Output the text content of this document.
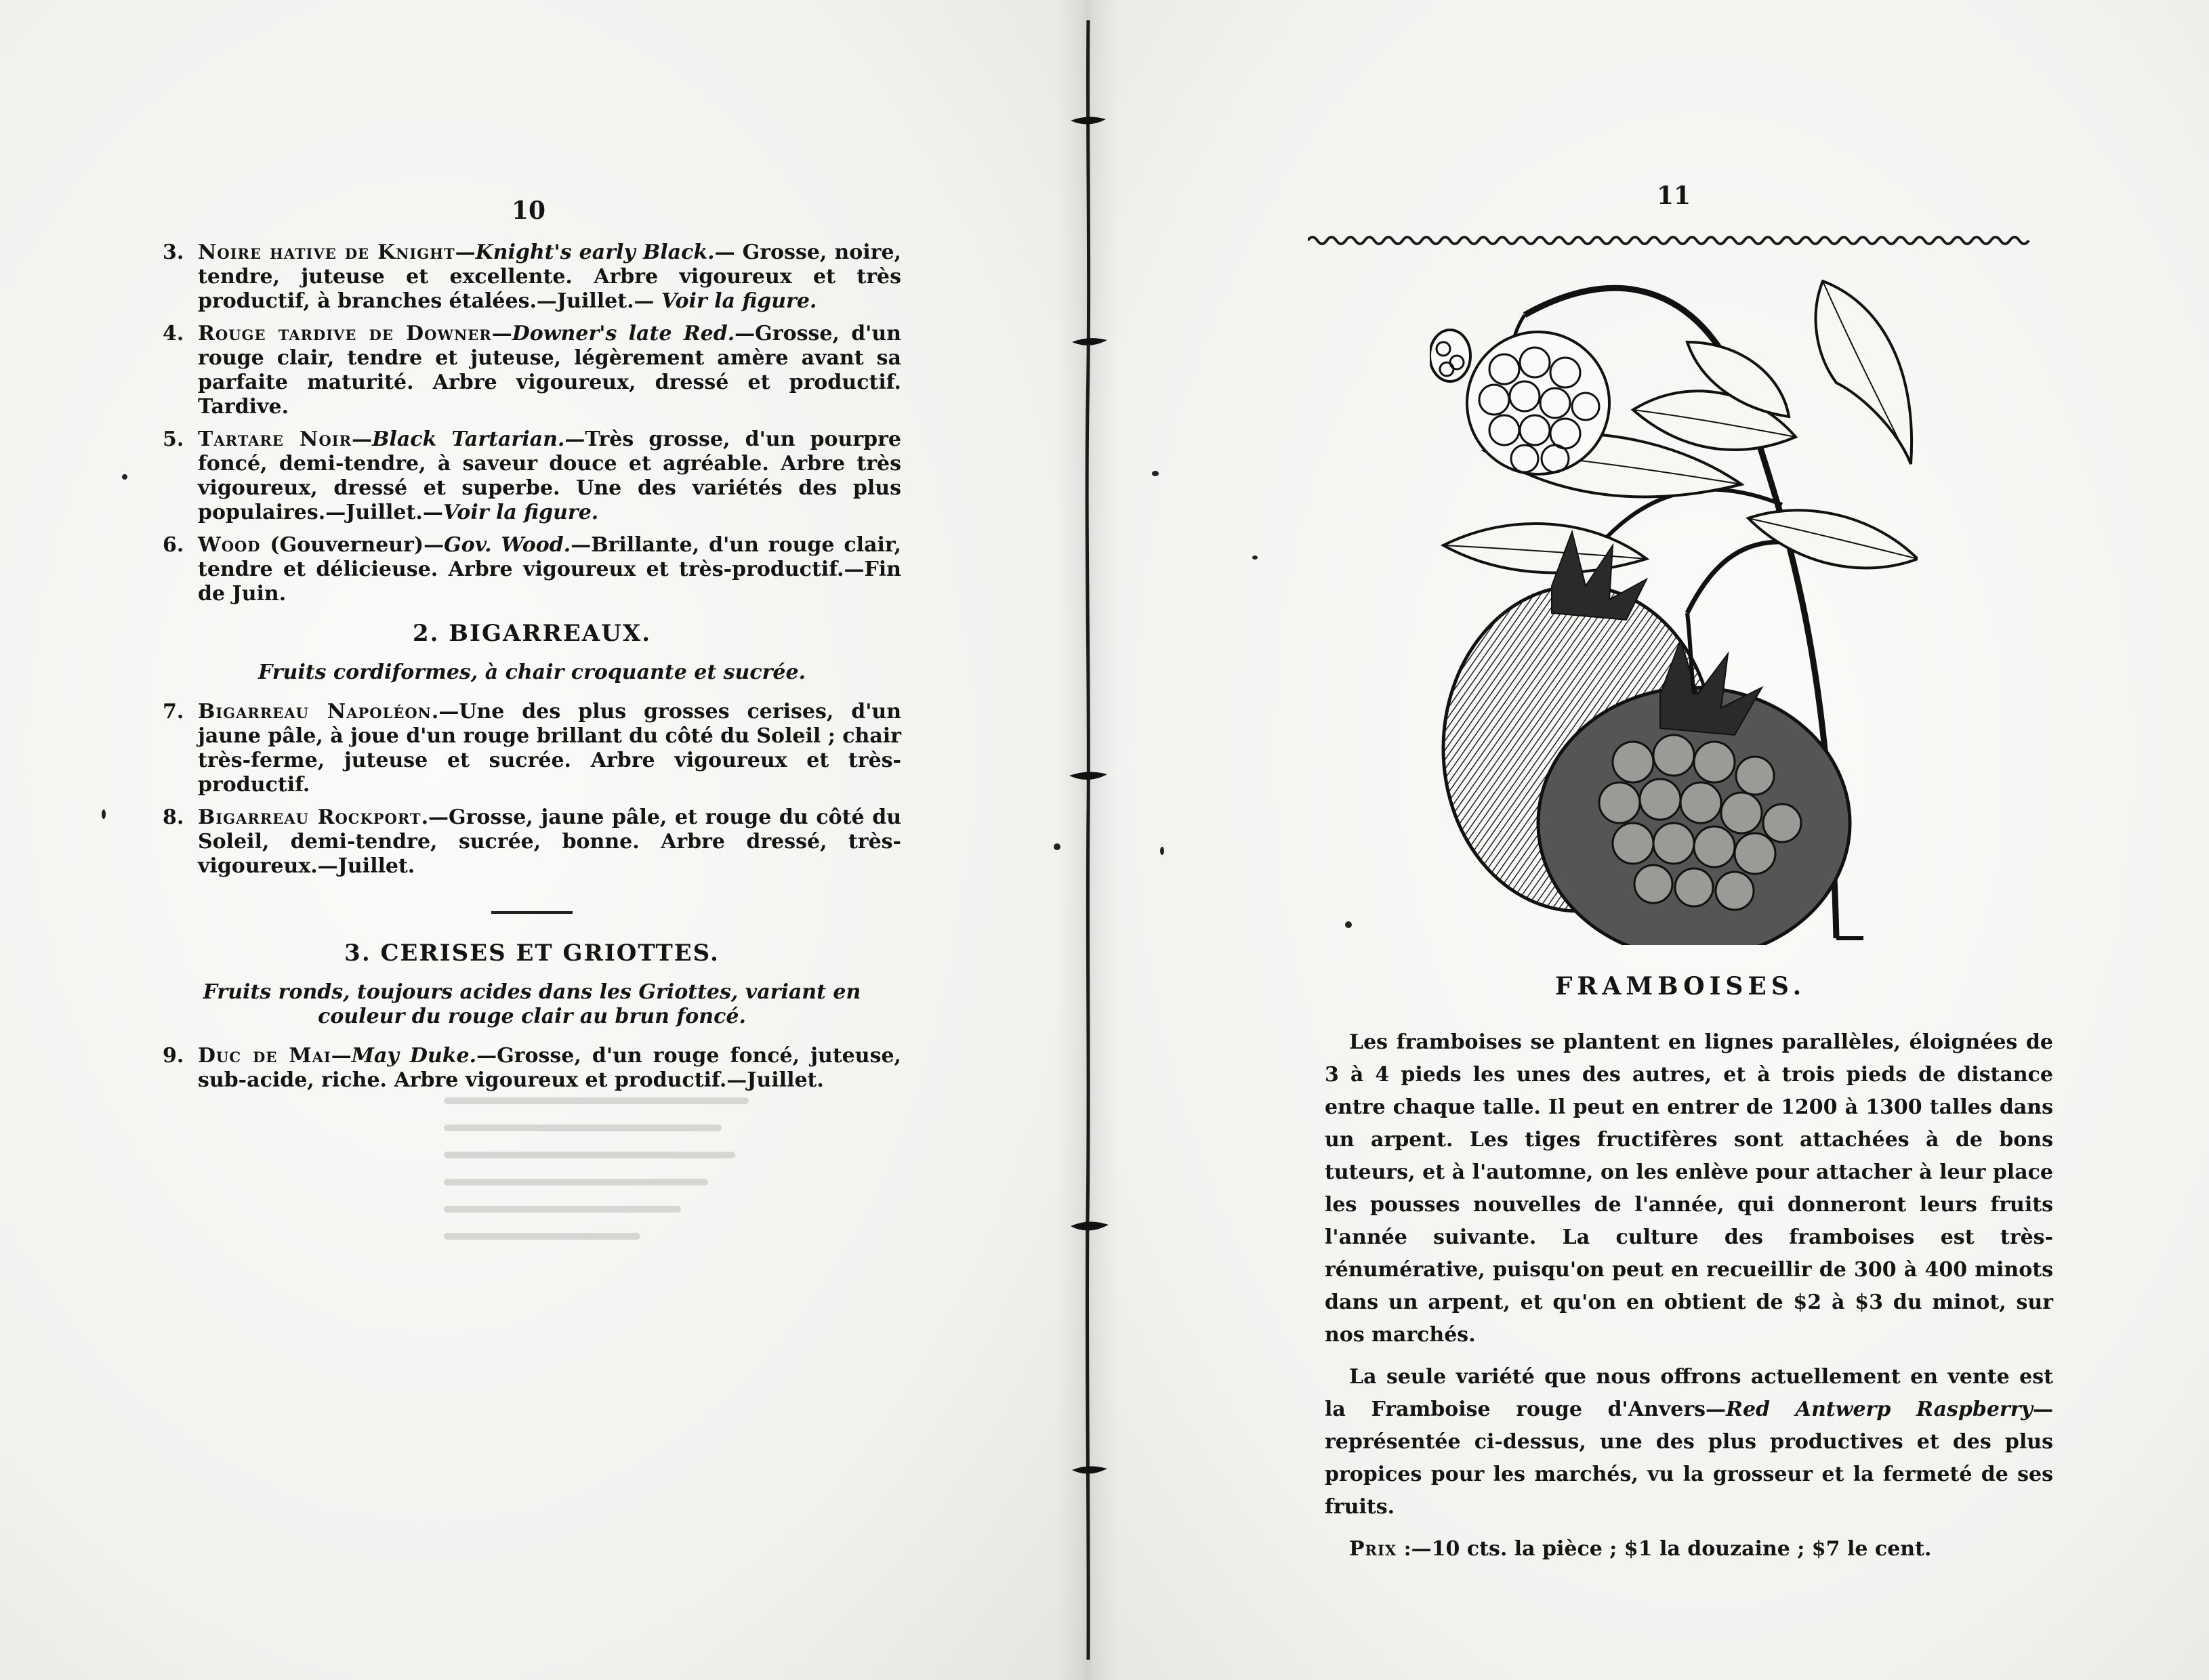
10
3. Noire hative de Knight—Knight's early Black.— Grosse, noire, tendre, juteuse et excellente. Arbre vigoureux et très productif, à branches étalées.—Juillet.— Voir la figure.
4. Rouge tardive de Downer—Downer's late Red.—Grosse, d'un rouge clair, tendre et juteuse, légèrement amère avant sa parfaite maturité. Arbre vigoureux, dressé et productif. Tardive.
5. Tartare Noir—Black Tartarian.—Très grosse, d'un pourpre foncé, demi-tendre, à saveur douce et agréable. Arbre très vigoureux, dressé et superbe. Une des variétés des plus populaires.—Juillet.—Voir la figure.
6. Wood (Gouverneur)—Gov. Wood.—Brillante, d'un rouge clair, tendre et délicieuse. Arbre vigoureux et très-productif.—Fin de Juin.
2. BIGARREAUX.
Fruits cordiformes, à chair croquante et sucrée.
7. Bigarreau Napoléon.—Une des plus grosses cerises, d'un jaune pâle, à joue d'un rouge brillant du côté du Soleil ; chair très-ferme, juteuse et sucrée. Arbre vigoureux et très-productif.
8. Bigarreau Rockport.—Grosse, jaune pâle, et rouge du côté du Soleil, demi-tendre, sucrée, bonne. Arbre dressé, très-vigoureux.—Juillet.
3. CERISES ET GRIOTTES.
Fruits ronds, toujours acides dans les Griottes, variant en couleur du rouge clair au brun foncé.
9. Duc de Mai—May Duke.—Grosse, d'un rouge foncé, juteuse, sub-acide, riche. Arbre vigoureux et productif.—Juillet.
11
FRAMBOISES.

Les framboises se plantent en lignes parallèles, éloignées de 3 à 4 pieds les unes des autres, et à trois pieds de distance entre chaque talle. Il peut en entrer de 1200 à 1300 talles dans un arpent. Les tiges fructifères sont attachées à de bons tuteurs, et à l'automne, on les enlève pour attacher à leur place les pousses nouvelles de l'année, qui donneront leurs fruits l'année suivante. La culture des framboises est très-rénumérative, puisqu'on peut en recueillir de 300 à 400 minots dans un arpent, et qu'on en obtient de $2 à $3 du minot, sur nos marchés.

La seule variété que nous offrons actuellement en vente est la Framboise rouge d'Anvers—Red Antwerp Raspberry—représentée ci-dessus, une des plus productives et des plus propices pour les marchés, vu la grosseur et la fermeté de ses fruits.

Prix :—10 cts. la pièce ; $1 la douzaine ; $7 le cent.
